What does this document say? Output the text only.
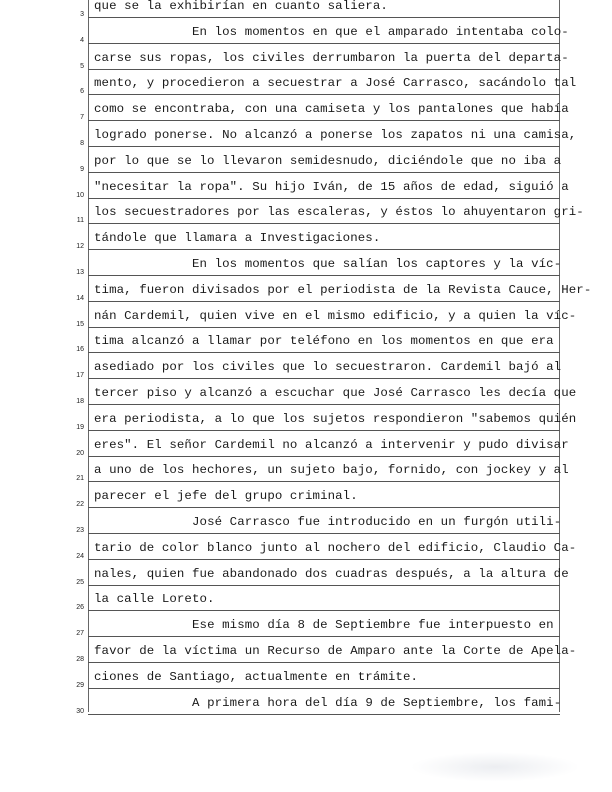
que se la exhibirían en cuanto saliera.
3
En los momentos en que el amparado intentaba colo-
4
carse sus ropas, los civiles derrumbaron la puerta del departa-
5
mento, y procedieron a secuestrar a José Carrasco, sacándolo tal
6
como se encontraba, con una camiseta y los pantalones que había
7
logrado ponerse. No alcanzó a ponerse los zapatos ni una camisa,
8
por lo que se lo llevaron semidesnudo, diciéndole que no iba a
9
"necesitar la ropa". Su hijo Iván, de 15 años de edad, siguió a
10
los secuestradores por las escaleras, y éstos lo ahuyentaron gri-
11
tándole que llamara a Investigaciones.
12
En los momentos que salían los captores y la víc-
13
tima, fueron divisados por el periodista de la Revista Cauce, Her-
14
nán Cardemil, quien vive en el mismo edificio, y a quien la víc-
15
tima alcanzó a llamar por teléfono en los momentos en que era
16
asediado por los civiles que lo secuestraron. Cardemil bajó al
17
tercer piso y alcanzó a escuchar que José Carrasco les decía que
18
era periodista, a lo que los sujetos respondieron "sabemos quién
19
eres". El señor Cardemil no alcanzó a intervenir y pudo divisar
20
a uno de los hechores, un sujeto bajo, fornido, con jockey y al
21
parecer el jefe del grupo criminal.
22
José Carrasco fue introducido en un furgón utili-
23
tario de color blanco junto al nochero del edificio, Claudio Ca-
24
nales, quien fue abandonado dos cuadras después, a la altura de
25
la calle Loreto.
26
Ese mismo día 8 de Septiembre fue interpuesto en
27
favor de la víctima un Recurso de Amparo ante la Corte de Apela-
28
ciones de Santiago, actualmente en trámite.
29
A primera hora del día 9 de Septiembre, los fami-
30
